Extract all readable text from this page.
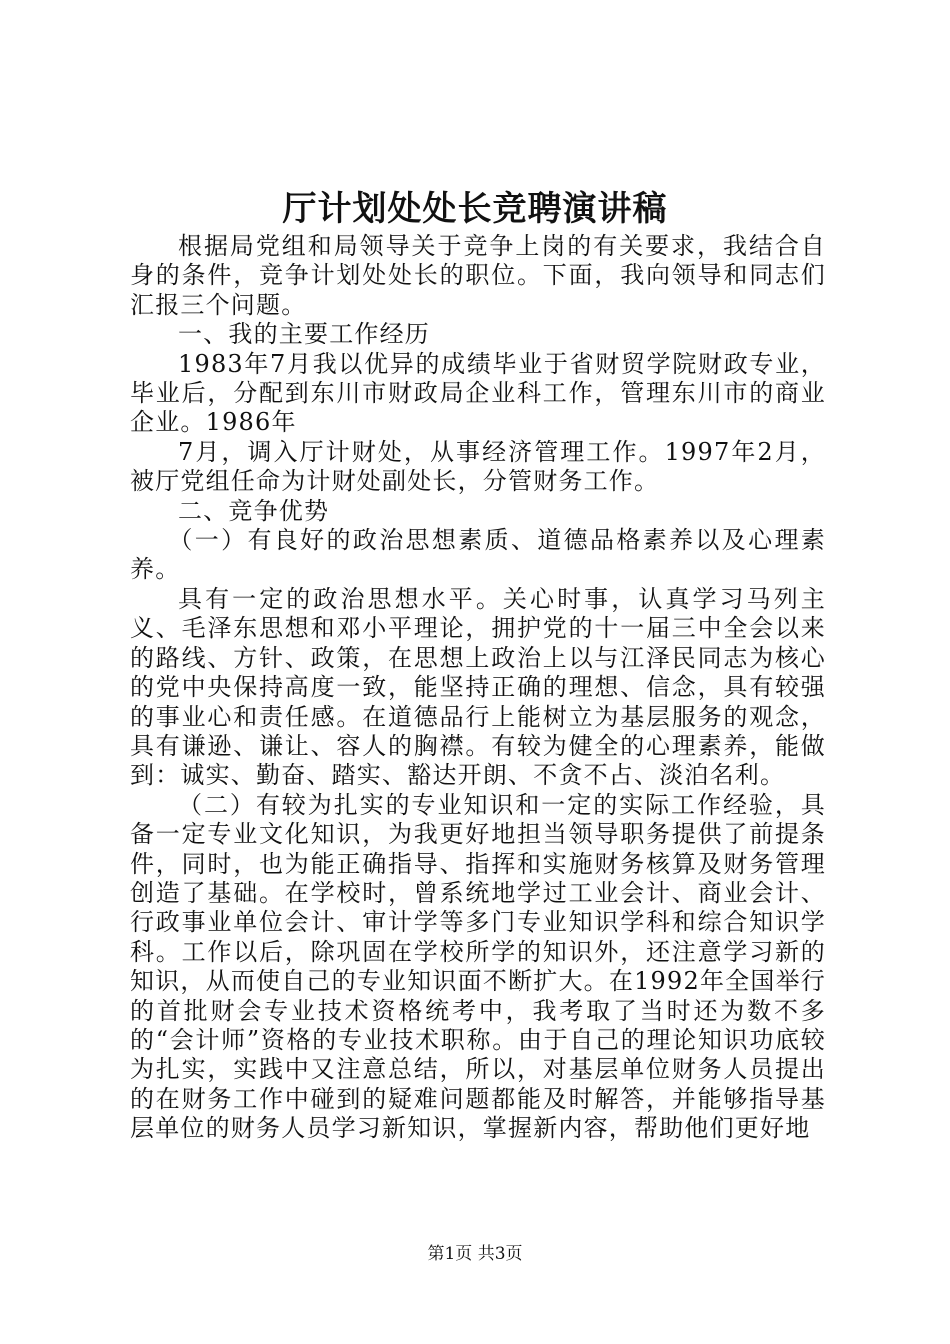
厅计划处处长竞聘演讲稿

根据局党组和局领导关于竞争上岗的有关要求，我结合自身的条件，竞争计划处处长的职位。下面，我向领导和同志们汇报三个问题。

一、我的主要工作经历

1983年7月我以优异的成绩毕业于省财贸学院财政专业，毕业后，分配到东川市财政局企业科工作，管理东川市的商业企业。1986年

7月，调入厅计财处，从事经济管理工作。1997年2月，被厅党组任命为计财处副处长，分管财务工作。

二、竞争优势

（一）有良好的政治思想素质、道德品格素养以及心理素养。

具有一定的政治思想水平。关心时事，认真学习马列主义、毛泽东思想和邓小平理论，拥护党的十一届三中全会以来的路线、方针、政策，在思想上政治上以与江泽民同志为核心的党中央保持高度一致，能坚持正确的理想、信念，具有较强的事业心和责任感。在道德品行上能树立为基层服务的观念，具有谦逊、谦让、容人的胸襟。有较为健全的心理素养，能做到：诚实、勤奋、踏实、豁达开朗、不贪不占、淡泊名利。

（二）有较为扎实的专业知识和一定的实际工作经验，具备一定专业文化知识，为我更好地担当领导职务提供了前提条件，同时，也为能正确指导、指挥和实施财务核算及财务管理创造了基础。在学校时，曾系统地学过工业会计、商业会计、行政事业单位会计、审计学等多门专业知识学科和综合知识学科。工作以后，除巩固在学校所学的知识外，还注意学习新的知识，从而使自己的专业知识面不断扩大。在1992年全国举行的首批财会专业技术资格统考中，我考取了当时还为数不多的“会计师”资格的专业技术职称。由于自己的理论知识功底较为扎实，实践中又注意总结，所以，对基层单位财务人员提出的在财务工作中碰到的疑难问题都能及时解答，并能够指导基层单位的财务人员学习新知识，掌握新内容，帮助他们更好地

第1页 共3页
